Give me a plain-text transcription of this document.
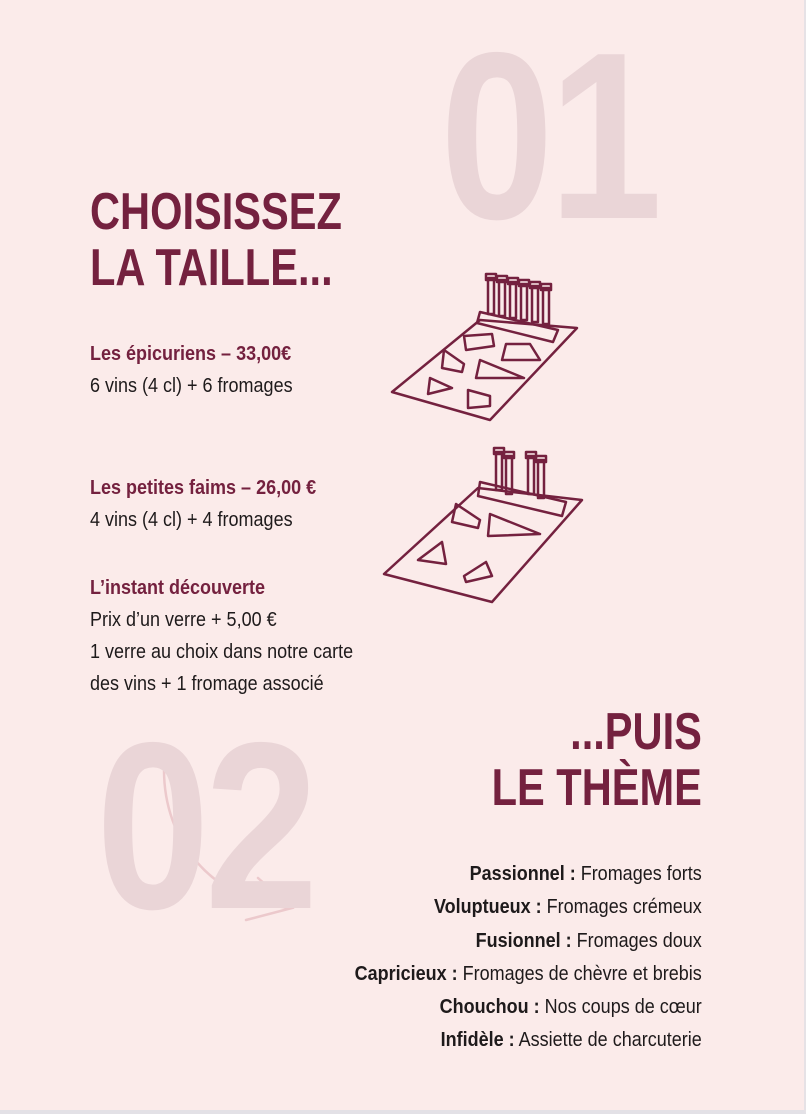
01
02
CHOISISSEZ
LA TAILLE...
Les épicuriens – 33,00€
6 vins (4 cl) + 6 fromages
Les petites faims – 26,00 €
4 vins (4 cl) + 4 fromages
L’instant découverte
Prix d’un verre + 5,00 €
1 verre au choix dans notre carte
des vins + 1 fromage associé
...PUIS
LE THÈME
Passionnel : Fromages forts
Voluptueux : Fromages crémeux
Fusionnel : Fromages doux
Capricieux : Fromages de chèvre et brebis
Chouchou : Nos coups de cœur
Infidèle : Assiette de charcuterie
